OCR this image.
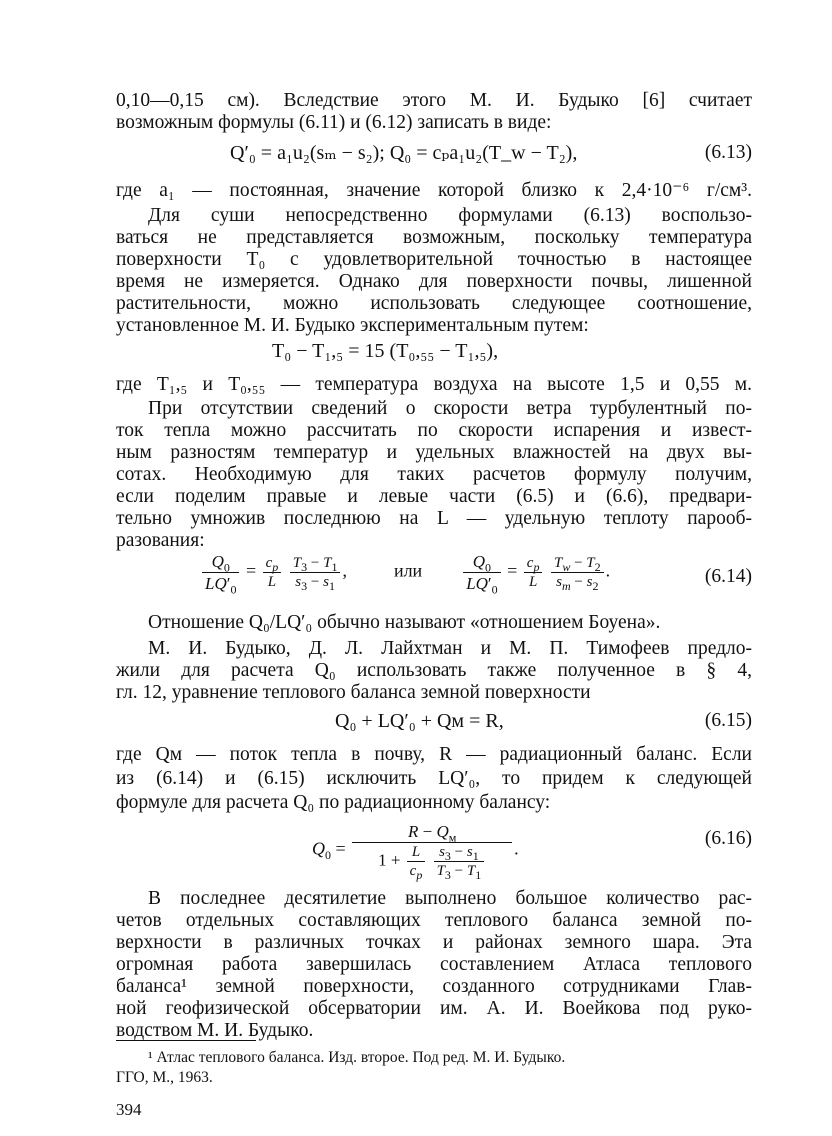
0,10—0,15 см). Вследствие этого М. И. Будыко [6] считает
возможным формулы (6.11) и (6.12) записать в виде:
Q′₀ = a₁u₂(sₘ − s₂); Q₀ = cₚa₁u₂(T_w − T₂),	(6.13)
где a₁ — постоянная, значение которой близко к 2,4·10⁻⁶ г/см³.
Для суши непосредственно формулами (6.13) воспользо-
ваться не представляется возможным, поскольку температура
поверхности T₀ с удовлетворительной точностью в настоящее
время не измеряется. Однако для поверхности почвы, лишенной
растительности, можно использовать следующее соотношение,
установленное М. И. Будыко экспериментальным путем:
T₀ − T₁,₅ = 15 (T₀,₅₅ − T₁,₅),
где T₁,₅ и T₀,₅₅ — температура воздуха на высоте 1,5 и 0,55 м.
При отсутствии сведений о скорости ветра турбулентный по-
ток тепла можно рассчитать по скорости испарения и извест-
ным разностям температур и удельных влажностей на двух вы-
сотах. Необходимую для таких расчетов формулу получим,
если поделим правые и левые части (6.5) и (6.6), предвари-
тельно умножив последнюю на L — удельную теплоту парооб-
разования:
$\frac{Q_0}{LQ'_0} = \frac{c_p}{L}$
$\frac{T_3 - T_1}{s_3 - s_1}$ ,  или $\frac{Q_0}{LQ'_0} = \frac{c_p}{L}$
$\frac{T_w - T_2}{s_m - s_2}$ .	(6.14)
Отношение Q₀/LQ′₀ обычно называют «отношением Боуена».
М. И. Будыко, Д. Л. Лайхтман и М. П. Тимофеев предло-
жили для расчета Q₀ использовать также полученное в § 4,
гл. 12, уравнение теплового баланса земной поверхности
Q₀ + LQ′₀ + Qм = R,	(6.15)
где Qм — поток тепла в почву, R — радиационный баланс. Если
из (6.14) и (6.15) исключить LQ′₀, то придем к следующей
формуле для расчета Q₀ по радиационному балансу:
$Q_0 = R - Q_м$
$1 + \frac{L}{c_p}$
$\frac{s_3 - s_1}{T_3 - T_1}$ .	(6.16)
В последнее десятилетие выполнено большое количество рас-
четов отдельных составляющих теплового баланса земной по-
верхности в различных точках и районах земного шара. Эта
огромная работа завершилась составлением Атласа теплового
баланса¹ земной поверхности, созданного сотрудниками Глав-
ной геофизической обсерватории им. А. И. Воейкова под руко-
водством М. И. Будыко.
¹ Атлас теплового баланса. Изд. второе. Под ред. М. И. Будыко.
ГГО, М., 1963.
394
